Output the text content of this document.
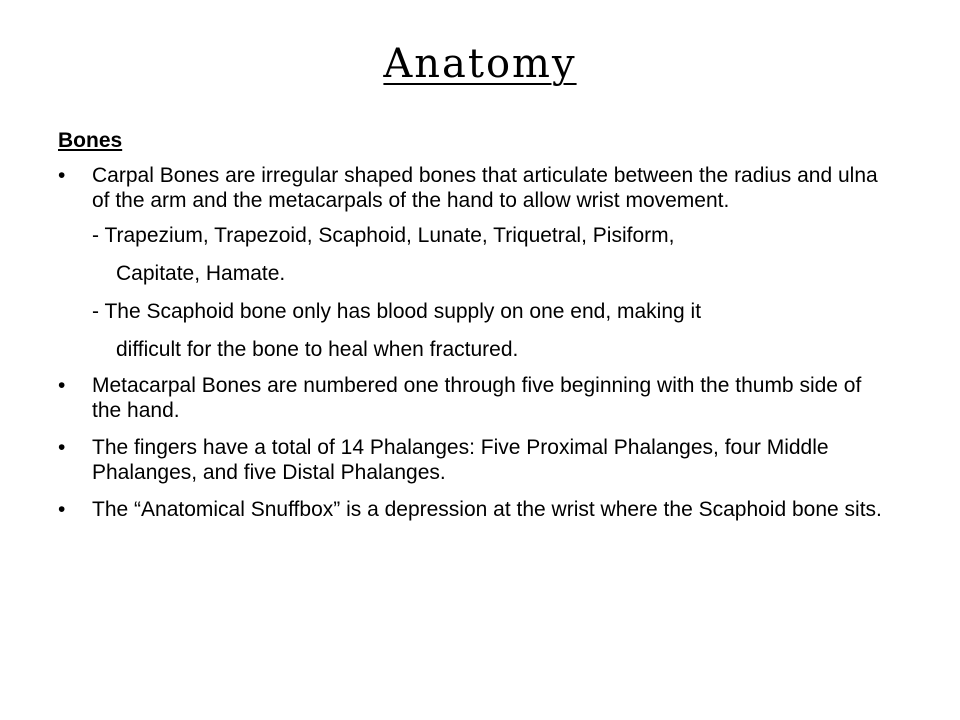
Anatomy
Bones
•	Carpal Bones are irregular shaped bones that articulate between the radius and ulna of the arm and the metacarpals of the hand to allow wrist movement.
- Trapezium, Trapezoid, Scaphoid, Lunate, Triquetral, Pisiform,
Capitate, Hamate.
- The Scaphoid bone only has blood supply on one end, making it
difficult for the bone to heal when fractured.
•	Metacarpal Bones are numbered one through five beginning with the thumb side of the hand.
•	The fingers have a total of 14 Phalanges: Five Proximal Phalanges, four Middle Phalanges, and five Distal Phalanges.
•	The “Anatomical Snuffbox” is a depression at the wrist where the Scaphoid bone sits.
